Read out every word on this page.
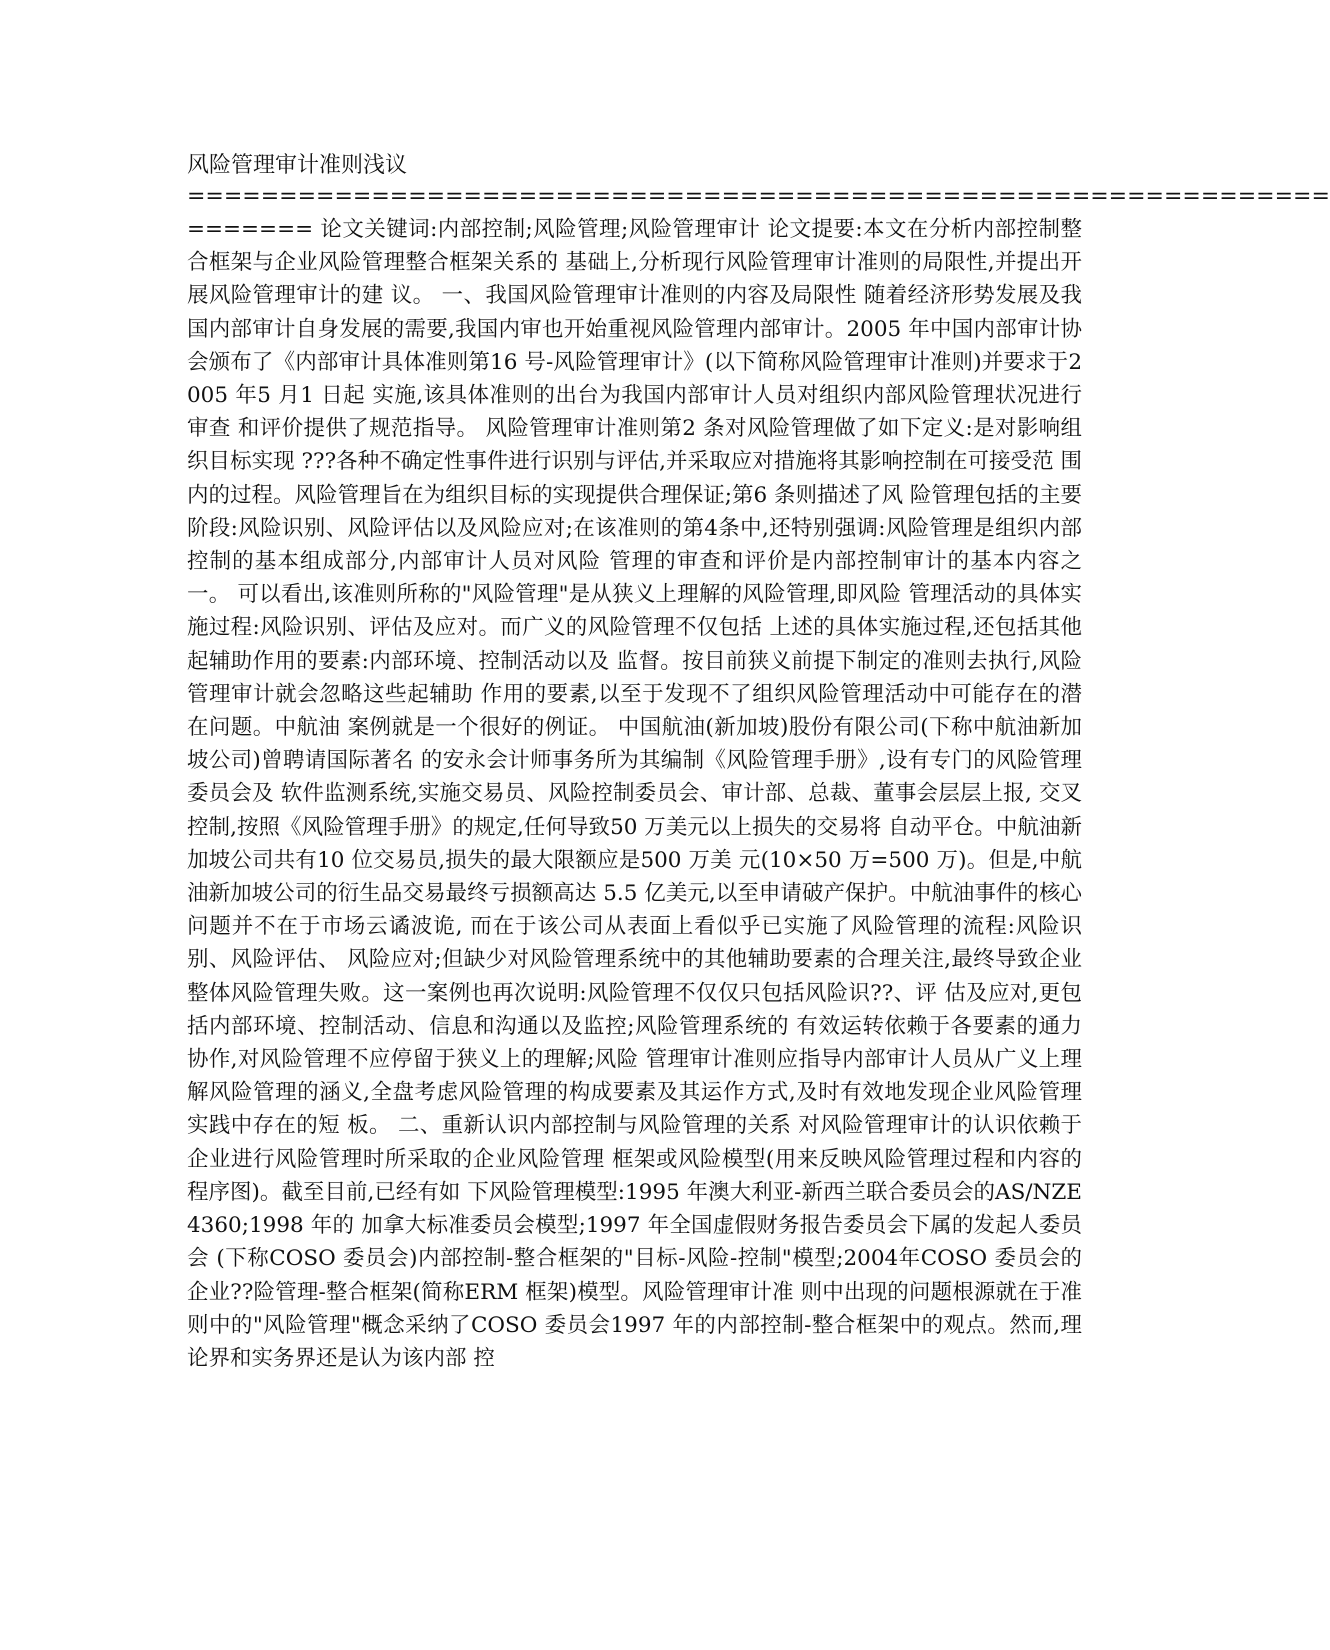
风险管理审计准则浅议
==============================================================
======= 论文关键词:内部控制;风险管理;风险管理审计 论文提要:本文在分析内部控制整合框架与企业风险管理整合框架关系的 基础上,分析现行风险管理审计准则的局限性,并提出开展风险管理审计的建 议。 一、我国风险管理审计准则的内容及局限性 随着经济形势发展及我国内部审计自身发展的需要,我国内审也开始重视风险管理内部审计。2005 年中国内部审计协会颁布了《内部审计具体准则第16 号-风险管理审计》(以下简称风险管理审计准则)并要求于2005 年5 月1 日起 实施,该具体准则的出台为我国内部审计人员对组织内部风险管理状况进行审查 和评价提供了规范指导。 风险管理审计准则第2 条对风险管理做了如下定义:是对影响组织目标实现 ???各种不确定性事件进行识别与评估,并采取应对措施将其影响控制在可接受范 围内的过程。风险管理旨在为组织目标的实现提供合理保证;第6 条则描述了风 险管理包括的主要阶段:风险识别、风险评估以及风险应对;在该准则的第4条中,还特别强调:风险管理是组织内部控制的基本组成部分,内部审计人员对风险 管理的审查和评价是内部控制审计的基本内容之一。 可以看出,该准则所称的"风险管理"是从狭义上理解的风险管理,即风险 管理活动的具体实施过程:风险识别、评估及应对。而广义的风险管理不仅包括 上述的具体实施过程,还包括其他起辅助作用的要素:内部环境、控制活动以及 监督。按目前狭义前提下制定的准则去执行,风险管理审计就会忽略这些起辅助 作用的要素,以至于发现不了组织风险管理活动中可能存在的潜在问题。中航油 案例就是一个很好的例证。 中国航油(新加坡)股份有限公司(下称中航油新加坡公司)曾聘请国际著名 的安永会计师事务所为其编制《风险管理手册》,设有专门的风险管理委员会及 软件监测系统,实施交易员、风险控制委员会、审计部、总裁、董事会层层上报, 交叉控制,按照《风险管理手册》的规定,任何导致50 万美元以上损失的交易将 自动平仓。中航油新加坡公司共有10 位交易员,损失的最大限额应是500 万美 元(10×50 万=500 万)。但是,中航油新加坡公司的衍生品交易最终亏损额高达 5.5 亿美元,以至申请破产保护。中航油事件的核心问题并不在于市场云谲波诡, 而在于该公司从表面上看似乎已实施了风险管理的流程:风险识别、风险评估、 风险应对;但缺少对风险管理系统中的其他辅助要素的合理关注,最终导致企业 整体风险管理失败。这一案例也再次说明:风险管理不仅仅只包括风险识??、评 估及应对,更包括内部环境、控制活动、信息和沟通以及监控;风险管理系统的 有效运转依赖于各要素的通力协作,对风险管理不应停留于狭义上的理解;风险 管理审计准则应指导内部审计人员从广义上理解风险管理的涵义,全盘考虑风险管理的构成要素及其运作方式,及时有效地发现企业风险管理实践中存在的短 板。 二、重新认识内部控制与风险管理的关系 对风险管理审计的认识依赖于企业进行风险管理时所采取的企业风险管理 框架或风险模型(用来反映风险管理过程和内容的程序图)。截至目前,已经有如 下风险管理模型:1995 年澳大利亚-新西兰联合委员会的AS/NZE4360;1998 年的 加拿大标准委员会模型;1997 年全国虚假财务报告委员会下属的发起人委员会 (下称COSO 委员会)内部控制-整合框架的"目标-风险-控制"模型;2004年COSO 委员会的企业??险管理-整合框架(简称ERM 框架)模型。风险管理审计准 则中出现的问题根源就在于准则中的"风险管理"概念采纳了COSO 委员会1997 年的内部控制-整合框架中的观点。然而,理论界和实务界还是认为该内部 控
